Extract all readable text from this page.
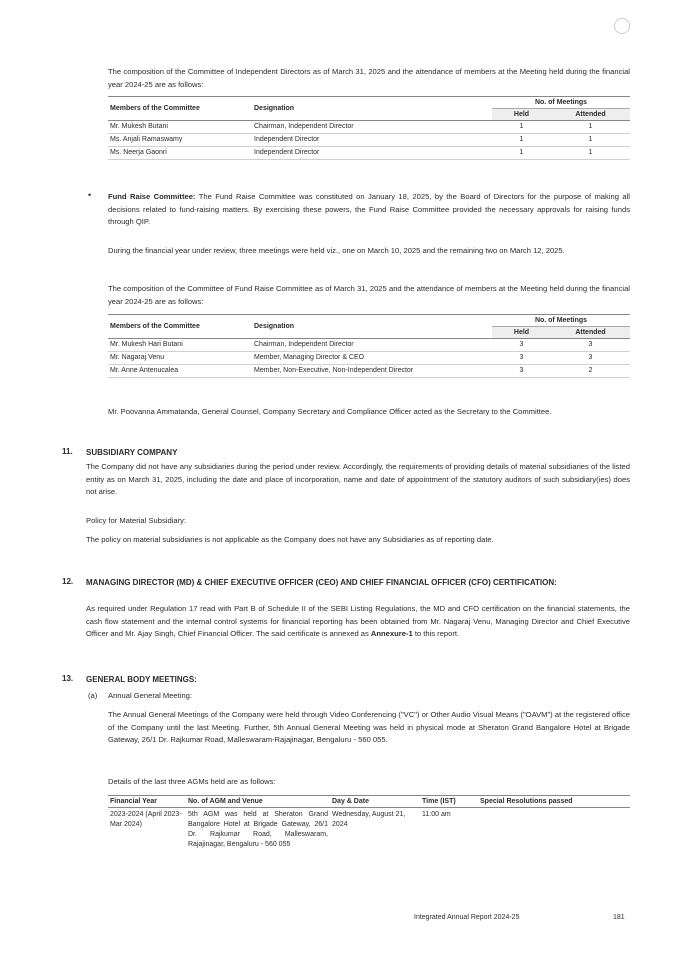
The composition of the Committee of Independent Directors as of March 31, 2025 and the attendance of members at the Meeting held during the financial year 2024-25 are as follows:
Members of the Committee	Designation	No. of Meetings	
		Held	Attended
Mr. Mukesh Butani	Chairman, Independent Director	1	1
Ms. Anjali Ramaswamy	Independent Director	1	1
Ms. Neerja Gaonri	Independent Director	1	1
• Fund Raise Committee: The Fund Raise Committee was constituted on January 18, 2025, by the Board of Directors for the purpose of making all decisions related to fund-raising matters. By exercising these powers, the Fund Raise Committee provided the necessary approvals for raising funds through QIP.
During the financial year under review, three meetings were held viz., one on March 10, 2025 and the remaining two on March 12, 2025.
The composition of the Committee of Fund Raise Committee as of March 31, 2025 and the attendance of members at the Meeting held during the financial year 2024-25 are as follows:
Members of the Committee	Designation	No. of Meetings	
		Held	Attended
Mr. Mukesh Hari Butani	Chairman, Independent Director	3	3
Mr. Nagaraj Venu	Member, Managing Director & CEO	3	3
Mr. Anne Antenucalea	Member, Non-Executive, Non-Independent Director	3	2
Mr. Poovanna Ammatanda, General Counsel, Company Secretary and Compliance Officer acted as the Secretary to the Committee.
11. SUBSIDIARY COMPANY
The Company did not have any subsidiaries during the period under review. Accordingly, the requirements of providing details of material subsidiaries of the listed entity as on March 31, 2025, including the date and place of incorporation, name and date of appointment of the statutory auditors of such subsidiary(ies) does not arise.
Policy for Material Subsidiary:
The policy on material subsidiaries is not applicable as the Company does not have any Subsidiaries as of reporting date.
12. MANAGING DIRECTOR (MD) & CHIEF EXECUTIVE OFFICER (CEO) AND CHIEF FINANCIAL OFFICER (CFO) CERTIFICATION:
As required under Regulation 17 read with Part B of Schedule II of the SEBI Listing Regulations, the MD and CFO certification on the financial statements, the cash flow statement and the internal control systems for financial reporting has been obtained from Mr. Nagaraj Venu, Managing Director and Chief Executive Officer and Mr. Ajay Singh, Chief Financial Officer. The said certificate is annexed as Annexure-1 to this report.
13. GENERAL BODY MEETINGS:
(a) Annual General Meeting:
The Annual General Meetings of the Company were held through Video Conferencing ("VC") or Other Audio Visual Means ("OAVM") at the registered office of the Company until the last Meeting. Further, 5th Annual General Meeting was held in physical mode at Sheraton Grand Bangalore Hotel at Brigade Gateway, 26/1 Dr. Rajkumar Road, Malleswaram-Rajajinagar, Bengaluru - 560 055.
Details of the last three AGMs held are as follows:
Financial Year	No. of AGM and Venue	Day & Date	Time (IST)	Special Resolutions passed
2023-2024 (April 2023-Mar 2024)	5th AGM was held at Sheraton Grand Bangalore Hotel at Brigade Gateway, 26/1 Dr. Rajkumar Road, Malleswaram, Rajajinagar, Bengaluru - 560 055	Wednesday, August 21, 2024	11:00 am	
Integrated Annual Report 2024-25	181
